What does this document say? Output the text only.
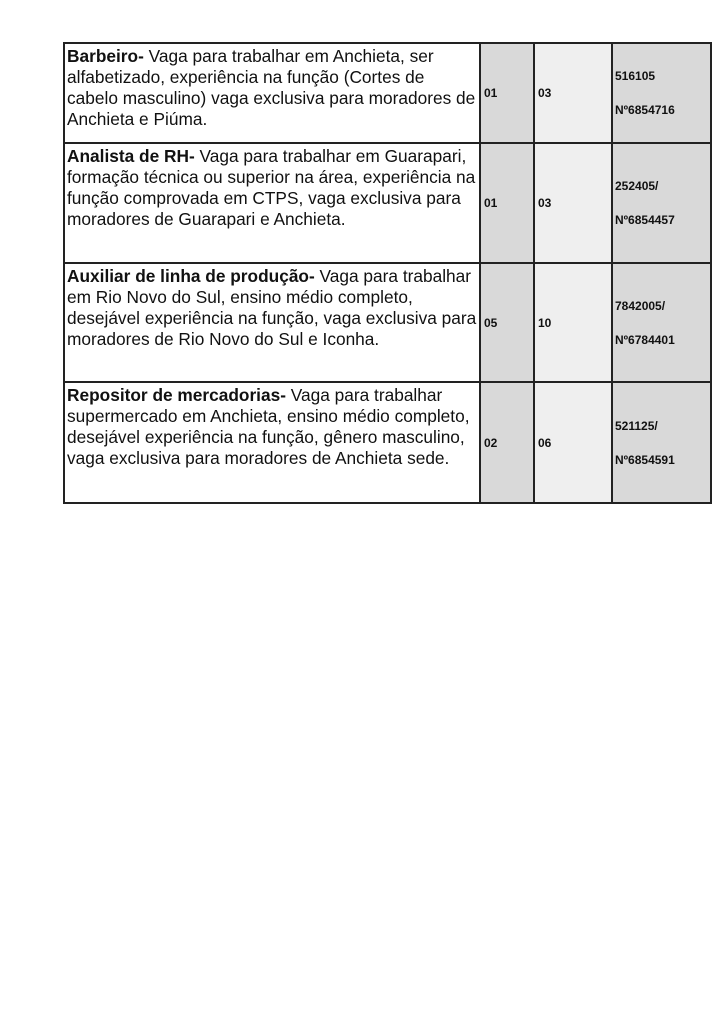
Barbeiro- Vaga para trabalhar em Anchieta, ser alfabetizado, experiência na função (Cortes de cabelo masculino) vaga exclusiva para moradores de Anchieta e Piúma.	01	03	516105
Nº6854716

Analista de RH- Vaga para trabalhar em Guarapari, formação técnica ou superior na área, experiência na função comprovada em CTPS, vaga exclusiva para moradores de Guarapari e Anchieta.	01	03	252405/
Nº6854457

Auxiliar de linha de produção- Vaga para trabalhar em Rio Novo do Sul, ensino médio completo, desejável experiência na função, vaga exclusiva para moradores de Rio Novo do Sul e Iconha.	05	10	7842005/
Nº6784401

Repositor de mercadorias- Vaga para trabalhar supermercado em Anchieta, ensino médio completo, desejável experiência na função, gênero masculino, vaga exclusiva para moradores de Anchieta sede.	02	06	521125/
Nº6854591
